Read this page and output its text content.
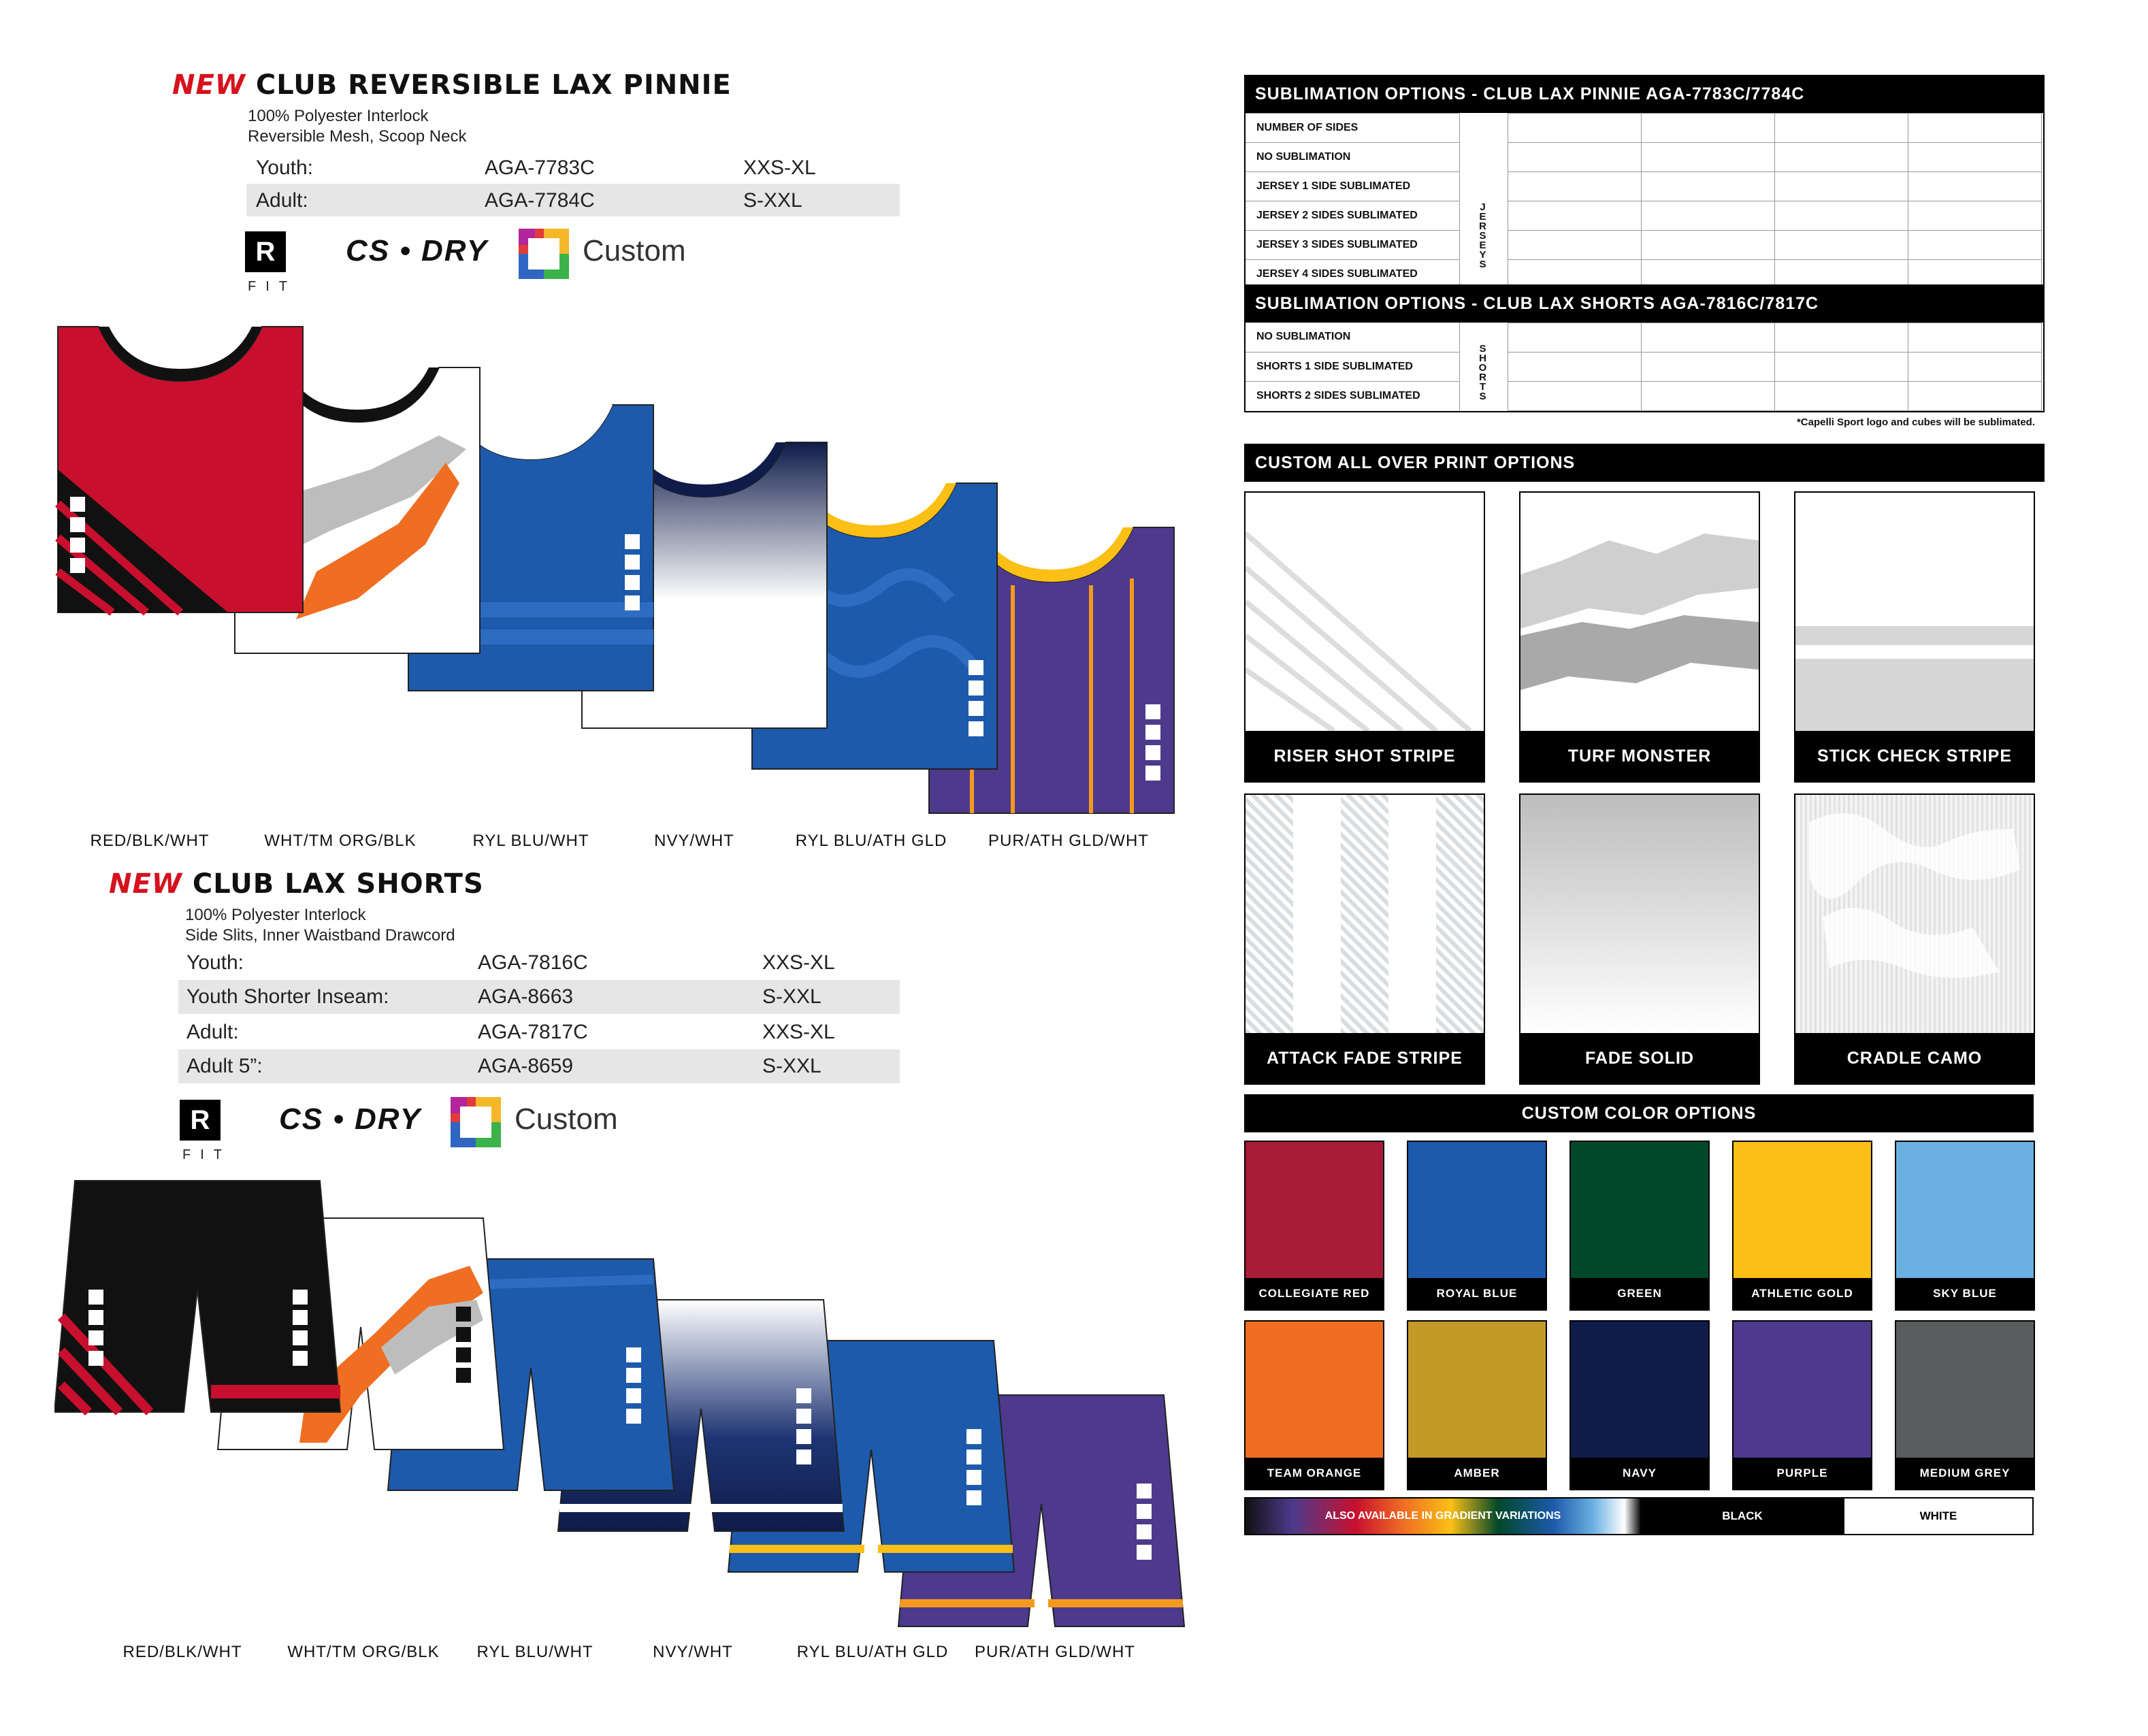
NEW CLUB REVERSIBLE LAX PINNIE
100% Polyester Interlock
Reversible Mesh, Scoop Neck
Youth:	AGA-7783C	XXS-XL
Adult:	AGA-7784C	S-XXL
R
FIT
CS • DRY	Custom
RED/BLK/WHT	WHT/TM ORG/BLK	RYL BLU/WHT	NVY/WHT	RYL BLU/ATH GLD	PUR/ATH GLD/WHT
NEW CLUB LAX SHORTS
100% Polyester Interlock
Side Slits, Inner Waistband Drawcord
Youth:	AGA-7816C	XXS-XL
Youth Shorter Inseam:	AGA-8663	S-XXL
Adult:	AGA-7817C	XXS-XL
Adult 5”:	AGA-8659	S-XXL
R
FIT
CS • DRY	Custom
RED/BLK/WHT	WHT/TM ORG/BLK	RYL BLU/WHT	NVY/WHT	RYL BLU/ATH GLD	PUR/ATH GLD/WHT
SUBLIMATION OPTIONS - CLUB LAX PINNIE AGA-7783C/7784C
NUMBER OF SIDES
NO SUBLIMATION
JERSEY 1 SIDE SUBLIMATED
JERSEY 2 SIDES SUBLIMATED
JERSEY 3 SIDES SUBLIMATED
JERSEY 4 SIDES SUBLIMATED
JERSEYS
SUBLIMATION OPTIONS - CLUB LAX SHORTS AGA-7816C/7817C
NO SUBLIMATION
SHORTS 1 SIDE SUBLIMATED
SHORTS 2 SIDES SUBLIMATED	SHORTS
*Capelli Sport logo and cubes will be sublimated.
CUSTOM ALL OVER PRINT OPTIONS
RISER SHOT STRIPE	TURF MONSTER	STICK CHECK STRIPE
ATTACK FADE STRIPE	FADE SOLID	CRADLE CAMO
CUSTOM COLOR OPTIONS
COLLEGIATE RED	ROYAL BLUE	GREEN	ATHLETIC GOLD	SKY BLUE
TEAM ORANGE	AMBER	NAVY	PURPLE	MEDIUM GREY
ALSO AVAILABLE IN GRADIENT VARIATIONS	BLACK	WHITE
